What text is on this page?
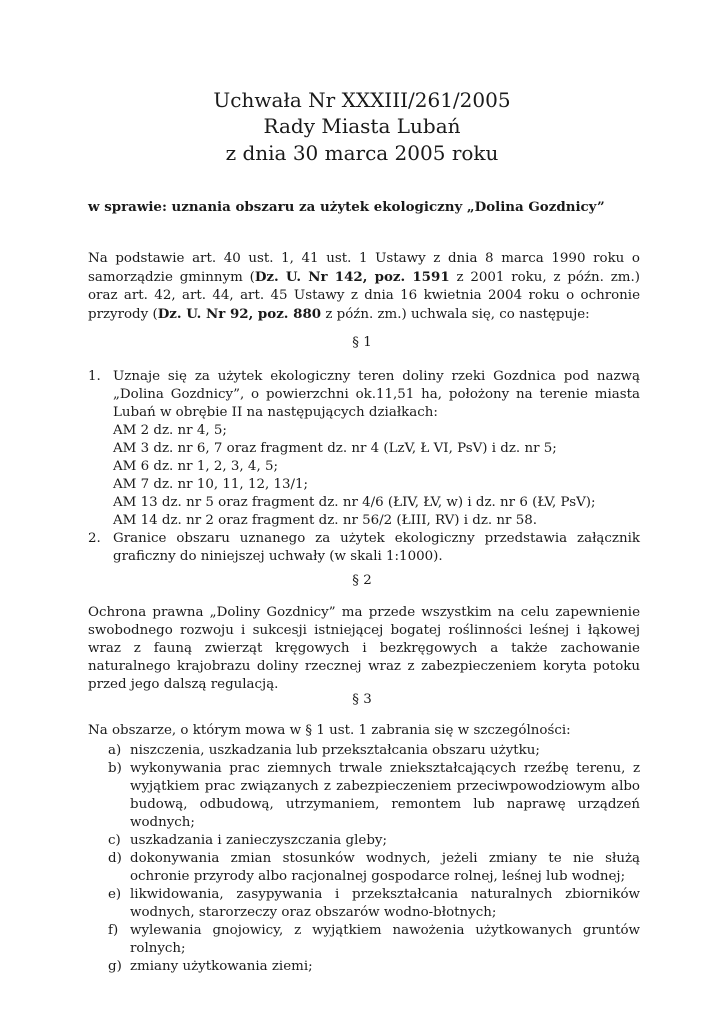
Uchwała Nr XXXIII/261/2005
Rady Miasta Lubań
z dnia 30 marca 2005 roku
w sprawie: uznania obszaru za użytek ekologiczny „Dolina Gozdnicy”
Na podstawie art. 40 ust. 1, 41 ust. 1 Ustawy z dnia 8 marca 1990 roku o samorządzie gminnym (Dz. U. Nr 142, poz. 1591 z 2001 roku, z późn. zm.) oraz art. 42, art. 44, art. 45 Ustawy z dnia 16 kwietnia 2004 roku o ochronie przyrody (Dz. U. Nr 92, poz. 880 z późn. zm.) uchwala się, co następuje:
§ 1
1. Uznaje się za użytek ekologiczny teren doliny rzeki Gozdnica pod nazwą „Dolina Gozdnicy”, o powierzchni ok.11,51 ha, położony na terenie miasta Lubań w obrębie II na następujących działkach:
AM 2 dz. nr 4, 5;
AM 3 dz. nr 6, 7 oraz fragment dz. nr 4 (LzV, Ł VI, PsV) i dz. nr 5;
AM 6 dz. nr 1, 2, 3, 4, 5;
AM 7 dz. nr 10, 11, 12, 13/1;
AM 13 dz. nr 5 oraz fragment dz. nr 4/6 (ŁIV, ŁV, w) i dz. nr 6 (ŁV, PsV);
AM 14 dz. nr 2 oraz fragment dz. nr 56/2 (ŁIII, RV) i dz. nr 58.
2. Granice obszaru uznanego za użytek ekologiczny przedstawia załącznik graficzny do niniejszej uchwały (w skali 1:1000).
§ 2
Ochrona prawna „Doliny Gozdnicy” ma przede wszystkim na celu zapewnienie swobodnego rozwoju i sukcesji istniejącej bogatej roślinności leśnej i łąkowej wraz z fauną zwierząt kręgowych i bezkręgowych a także zachowanie naturalnego krajobrazu doliny rzecznej wraz z zabezpieczeniem koryta potoku przed jego dalszą regulacją.
§ 3
Na obszarze, o którym mowa w § 1 ust. 1 zabrania się w szczególności:
a) niszczenia, uszkadzania lub przekształcania obszaru użytku;
b) wykonywania prac ziemnych trwale zniekształcających rzeźbę terenu, z wyjątkiem prac związanych z zabezpieczeniem przeciwpowodziowym albo budową, odbudową, utrzymaniem, remontem lub naprawę urządzeń wodnych;
c) uszkadzania i zanieczyszczania gleby;
d) dokonywania zmian stosunków wodnych, jeżeli zmiany te nie służą ochronie przyrody albo racjonalnej gospodarce rolnej, leśnej lub wodnej;
e) likwidowania, zasypywania i przekształcania naturalnych zbiorników wodnych, starorzeczy oraz obszarów wodno-błotnych;
f) wylewania gnojowicy, z wyjątkiem nawożenia użytkowanych gruntów rolnych;
g) zmiany użytkowania ziemi;
